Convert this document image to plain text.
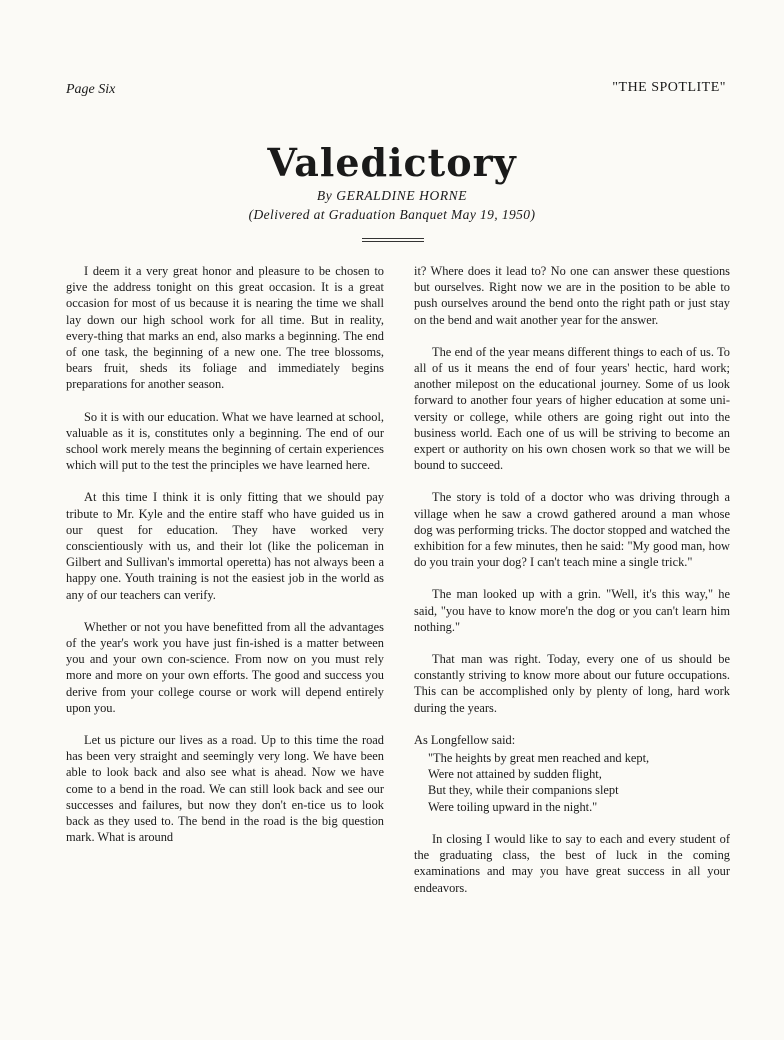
Page Six	"THE SPOTLITE"
Valedictory
By GERALDINE HORNE
(Delivered at Graduation Banquet May 19, 1950)

I deem it a very great honor and pleasure to be chosen to give the address tonight on this great occasion. It is a great occasion for most of us because it is nearing the time we shall lay down our high school work for all time. But in reality, every-thing that marks an end, also marks a beginning. The end of one task, the beginning of a new one. The tree blossoms, bears fruit, sheds its foliage and immediately begins preparations for another season.

So it is with our education. What we have learned at school, valuable as it is, constitutes only a beginning. The end of our school work merely means the beginning of certain experiences which will put to the test the principles we have learned here.

At this time I think it is only fitting that we should pay tribute to Mr. Kyle and the entire staff who have guided us in our quest for education. They have worked very conscientiously with us, and their lot (like the policeman in Gilbert and Sullivan's immortal operetta) has not always been a happy one. Youth training is not the easiest job in the world as any of our teachers can verify.

Whether or not you have benefitted from all the advantages of the year's work you have just fin-ished is a matter between you and your own con-science. From now on you must rely more and more on your own efforts. The good and success you derive from your college course or work will depend entirely upon you.

Let us picture our lives as a road. Up to this time the road has been very straight and seemingly very long. We have been able to look back and also see what is ahead. Now we have come to a bend in the road. We can still look back and see our successes and failures, but now they don't en-tice us to look back as they used to. The bend in the road is the big question mark. What is around

it? Where does it lead to? No one can answer these questions but ourselves. Right now we are in the position to be able to push ourselves around the bend onto the right path or just stay on the bend and wait another year for the answer.

The end of the year means different things to each of us. To all of us it means the end of four years' hectic, hard work; another milepost on the educational journey. Some of us look forward to another four years of higher education at some uni-versity or college, while others are going right out into the business world. Each one of us will be striving to become an expert or authority on his own chosen work so that we will be bound to succeed.

The story is told of a doctor who was driving through a village when he saw a crowd gathered around a man whose dog was performing tricks. The doctor stopped and watched the exhibition for a few minutes, then he said: "My good man, how do you train your dog? I can't teach mine a single trick."

The man looked up with a grin. "Well, it's this way," he said, "you have to know more'n the dog or you can't learn him nothing."

That man was right. Today, every one of us should be constantly striving to know more about our future occupations. This can be accomplished only by plenty of long, hard work during the years.

As Longfellow said:

"The heights by great men reached and kept,
Were not attained by sudden flight,
But they, while their companions slept
Were toiling upward in the night."

In closing I would like to say to each and every student of the graduating class, the best of luck in the coming examinations and may you have great success in all your endeavors.
